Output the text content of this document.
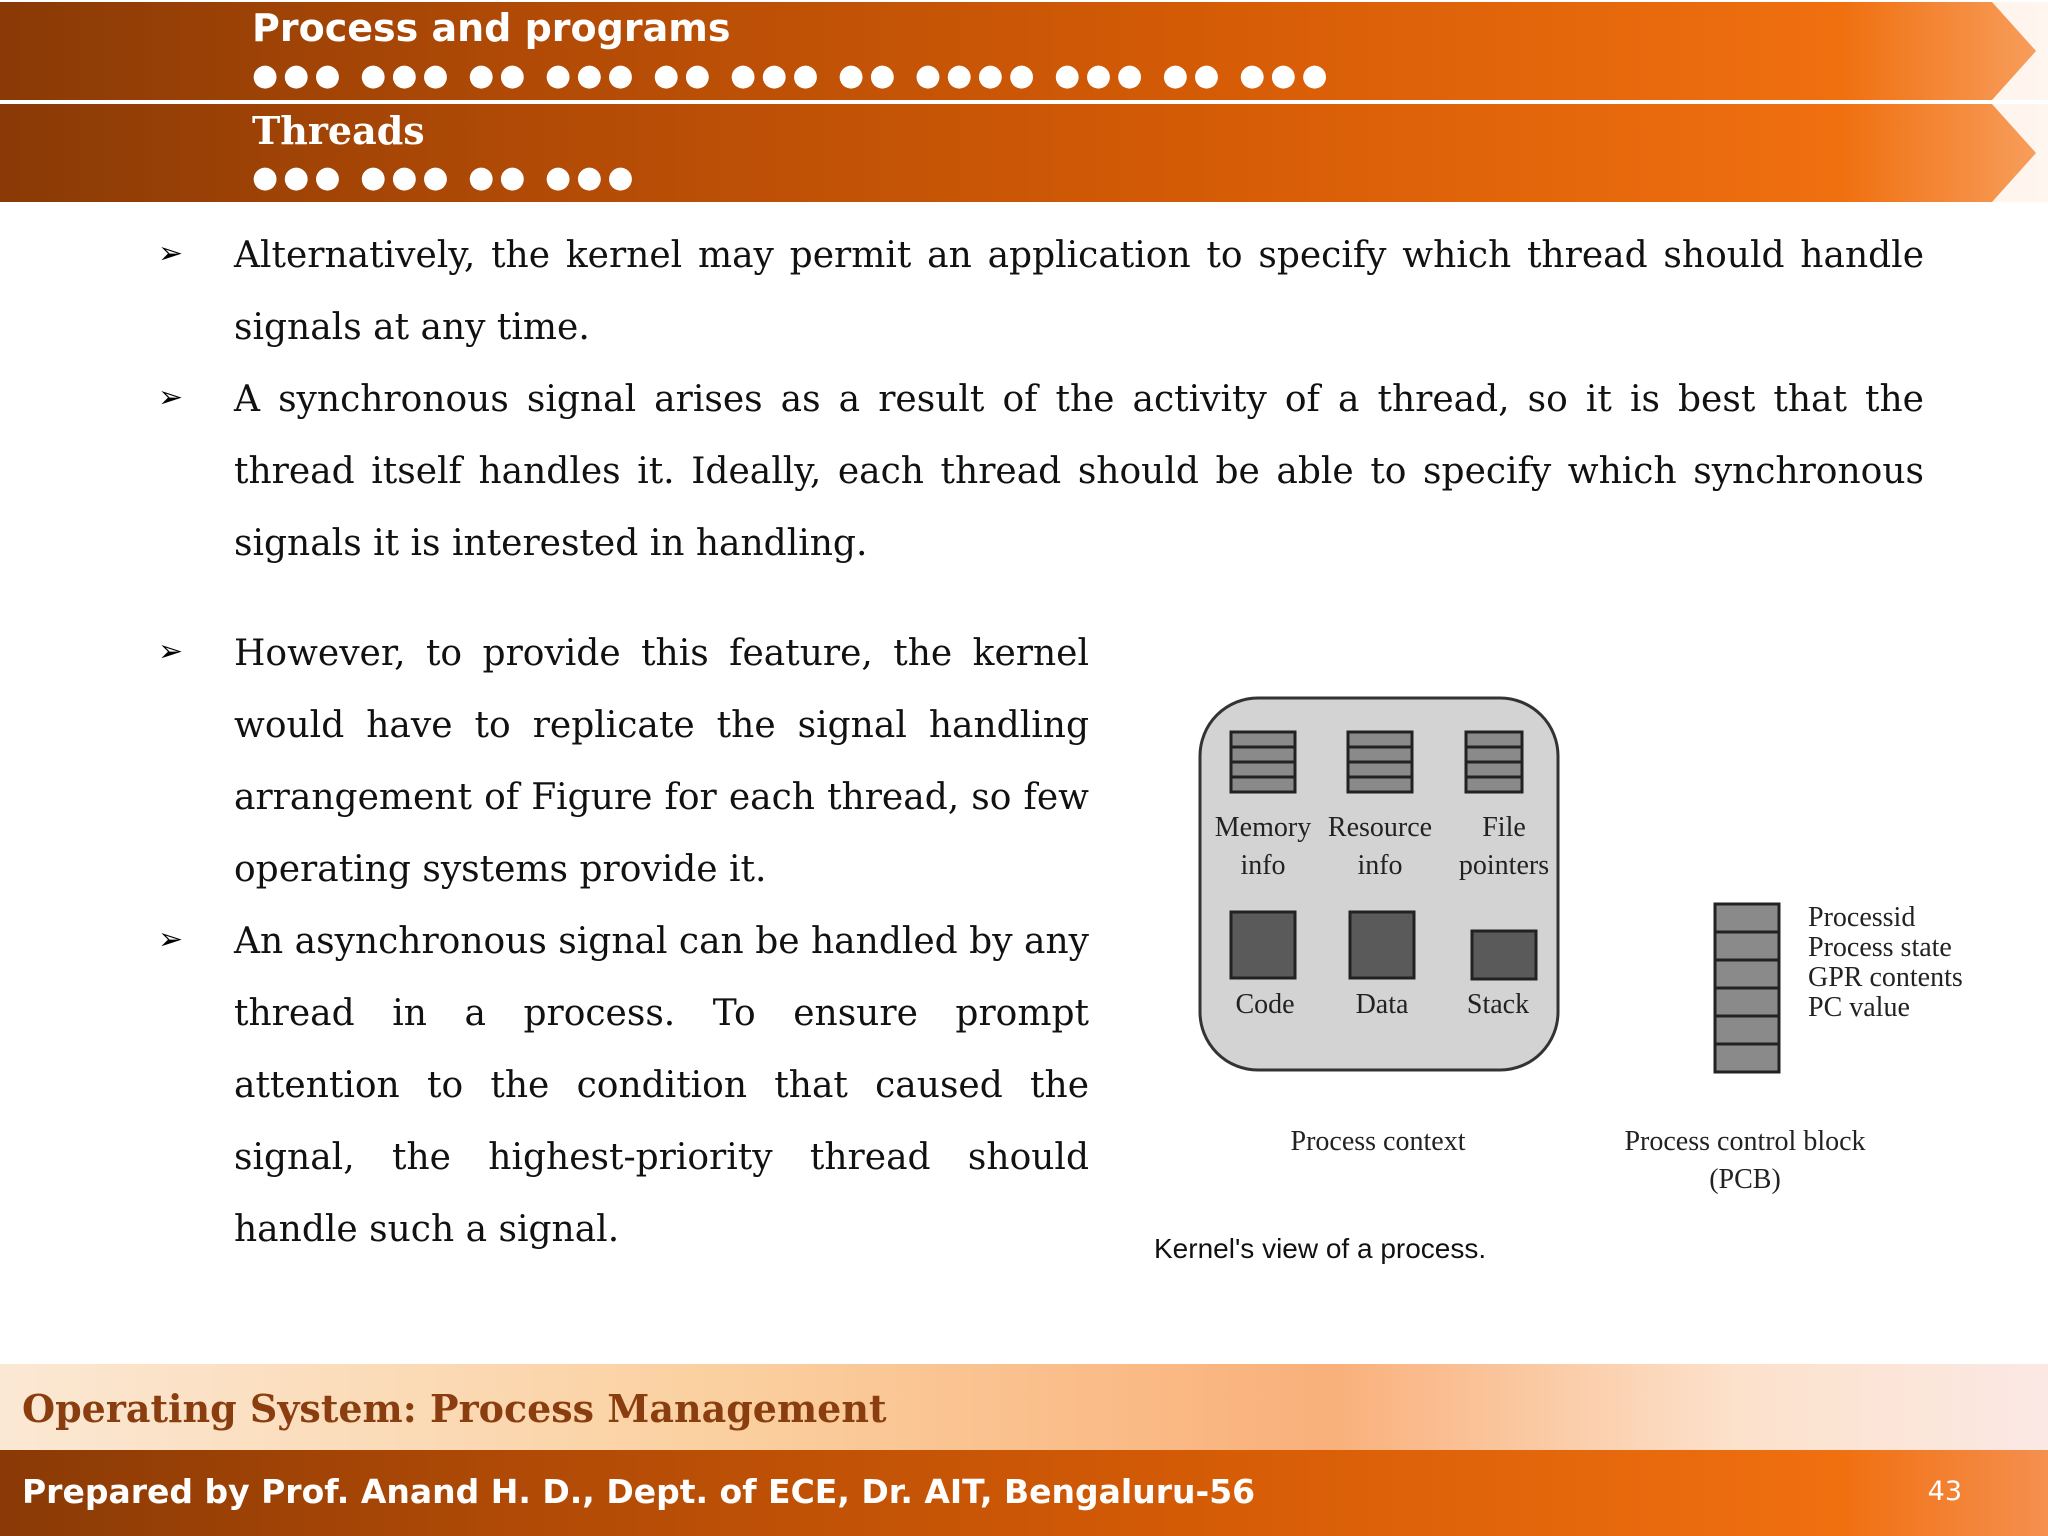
Process and programs
●●● ●●● ●● ●●● ●● ●●● ●● ●●●● ●●● ●● ●●●
Threads
●●● ●●● ●● ●●●
➢ Alternatively, the kernel may permit an application to specify which thread should handle signals at any time.
➢ A synchronous signal arises as a result of the activity of a thread, so it is best that the thread itself handles it. Ideally, each thread should be able to specify which synchronous signals it is interested in handling.
➢ However, to provide this feature, the kernel would have to replicate the signal handling arrangement of Figure for each thread, so few operating systems provide it.
➢ An asynchronous signal can be handled by any thread in a process. To ensure prompt attention to the condition that caused the signal, the highest-priority thread should handle such a signal.
Memory
info
Resource
info
File
pointers
Code Data Stack
Processid
Process state
GPR contents
PC value
Process context	Process control block
(PCB)
Kernel's view of a process.
Operating System: Process Management
Prepared by Prof. Anand H. D., Dept. of ECE, Dr. AIT, Bengaluru-56	43
